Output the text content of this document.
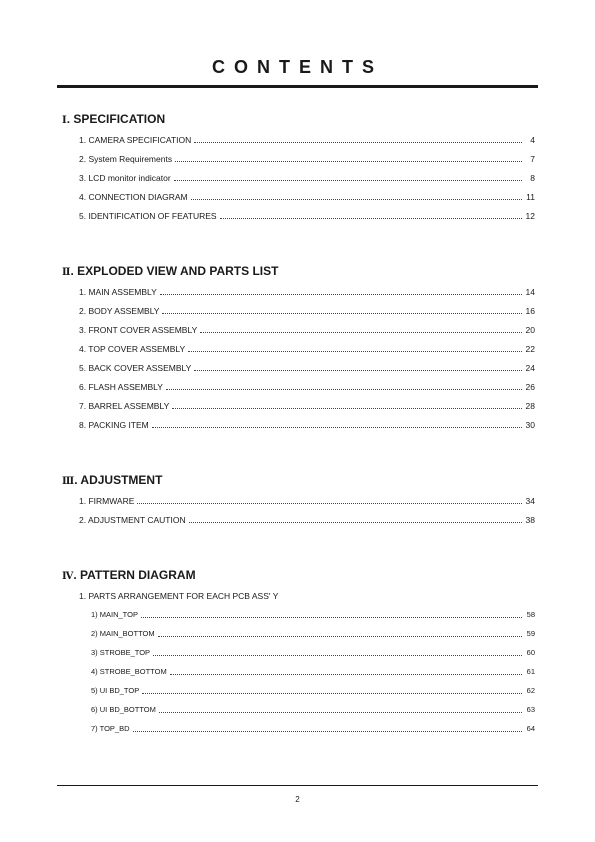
CONTENTS
Ⅰ. SPECIFICATION
1. CAMERA SPECIFICATION	4
2. System Requirements	7
3. LCD monitor indicator	8
4. CONNECTION DIAGRAM	11
5. IDENTIFICATION OF FEATURES	12
Ⅱ. EXPLODED VIEW AND PARTS LIST
1. MAIN ASSEMBLY	14
2. BODY ASSEMBLY	16
3. FRONT COVER ASSEMBLY	20
4. TOP COVER ASSEMBLY	22
5. BACK COVER ASSEMBLY	24
6. FLASH ASSEMBLY	26
7. BARREL ASSEMBLY	28
8. PACKING ITEM	30
Ⅲ. ADJUSTMENT
1. FIRMWARE	34
2. ADJUSTMENT CAUTION	38
Ⅳ. PATTERN DIAGRAM
1. PARTS ARRANGEMENT FOR EACH PCB ASS' Y
1) MAIN_TOP	58
2) MAIN_BOTTOM	59
3) STROBE_TOP	60
4) STROBE_BOTTOM	61
5) UI BD_TOP	62
6) UI BD_BOTTOM	63
7) TOP_BD	64
2
